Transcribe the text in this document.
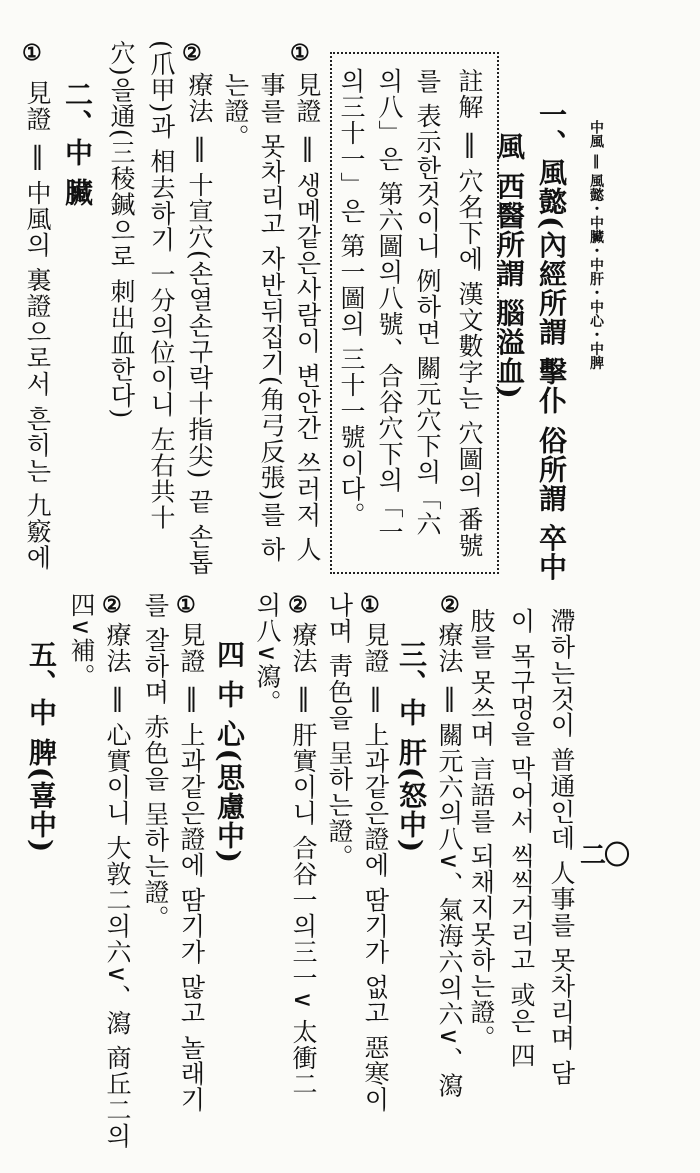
二〇
中風 ‖ 風懿・中臟・中肝・中心・中脾
一、風懿(內經所謂 擊仆 俗所謂 卒中
風 西醫所謂 腦溢血)
註解 ‖ 穴名下에 漢文數字는 穴圖의 番號
를 表示한것이니 例하면 關元穴下의「六
의八」은 第六圖의八號、合谷穴下의「一
의三十一」은 第一圖의 三十一號이다。
①
見證 ‖ 생메같은사람이 변안간 쓰러저 人
事를 못차리고 자반뒤집기(角弓反張)를 하
는證。
②
療法 ‖ 十宣穴(손열손구락十指尖) 끝 손톱
(爪甲)과 相去하기 一分의位이니 左右共十
穴)을通(三稜鍼으로 刺出血한다)
二、中 臟
①
見證 ‖ 中風의 裏證으로서 흔히는 九竅에
滯하는것이 普通인데 人事를 못차리며 담
이 목구멍을 막어서 씩씩거리고 或은 四
肢를 못쓰며 言語를 되채지못하는證。
②
療法 ‖ 關元六의八∨、氣海六의六∨、瀉
三、中 肝(怒中)
①
見證 ‖ 上과같은證에 땀기가 없고 惡寒이
나며 靑色을 呈하는證。
②
療法 ‖ 肝實이니 合谷一의三一∨ 太衝二
의八∨瀉。
四 中 心(思慮中)
①
見證 ‖ 上과같은證에 땀기가 많고 놀래기
를 잘하며 赤色을 呈하는證。
②
療法 ‖ 心實이니 大敦二의六∨、瀉 商丘二의
四∨補。
五、中 脾(喜中)
